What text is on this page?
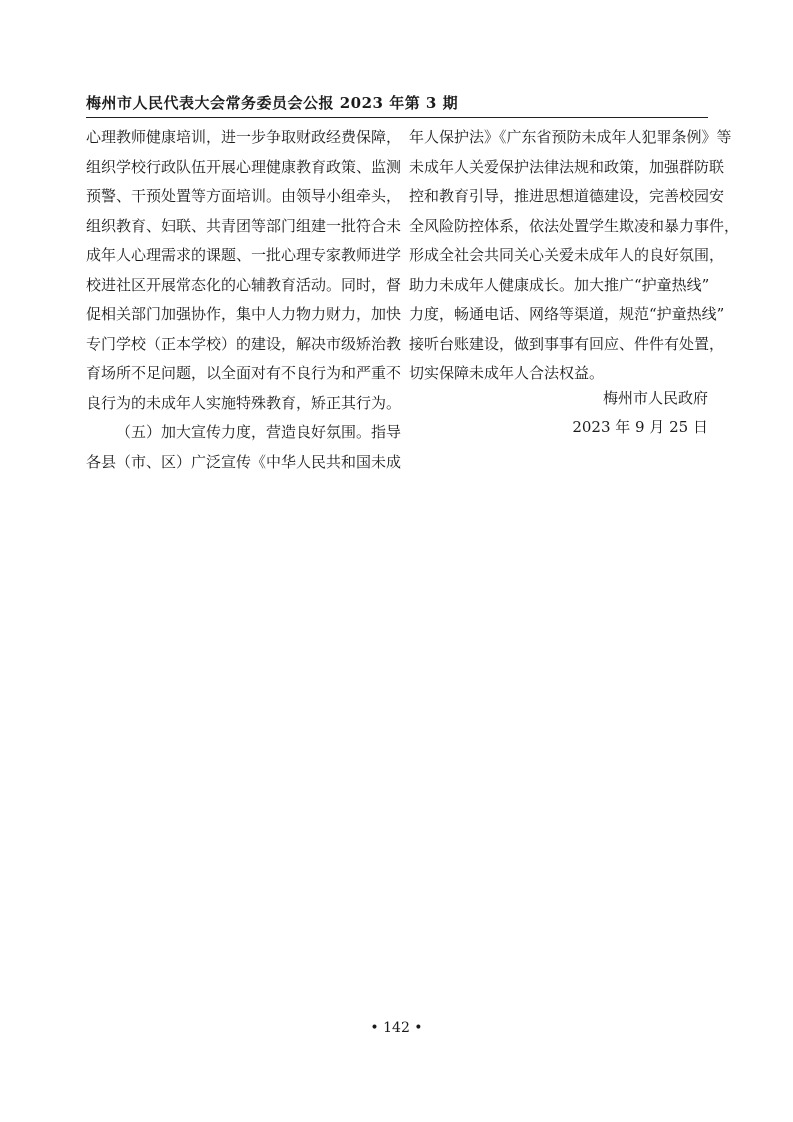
梅州市人民代表大会常务委员会公报 2023 年第 3 期
心理教师健康培训，进一步争取财政经费保障，
组织学校行政队伍开展心理健康教育政策、监测
预警、干预处置等方面培训。由领导小组牵头，
组织教育、妇联、共青团等部门组建一批符合未
成年人心理需求的课题、一批心理专家教师进学
校进社区开展常态化的心辅教育活动。同时，督
促相关部门加强协作，集中人力物力财力，加快
专门学校（正本学校）的建设，解决市级矫治教
育场所不足问题，以全面对有不良行为和严重不
良行为的未成年人实施特殊教育，矫正其行为。
（五）加大宣传力度，营造良好氛围。指导
各县（市、区）广泛宣传《中华人民共和国未成
年人保护法》《广东省预防未成年人犯罪条例》等
未成年人关爱保护法律法规和政策，加强群防联
控和教育引导，推进思想道德建设，完善校园安
全风险防控体系，依法处置学生欺凌和暴力事件，
形成全社会共同关心关爱未成年人的良好氛围，
助力未成年人健康成长。加大推广“护童热线”
力度，畅通电话、网络等渠道，规范“护童热线”
接听台账建设，做到事事有回应、件件有处置，
切实保障未成年人合法权益。
梅州市人民政府
2023 年 9 月 25 日
• 142 •
